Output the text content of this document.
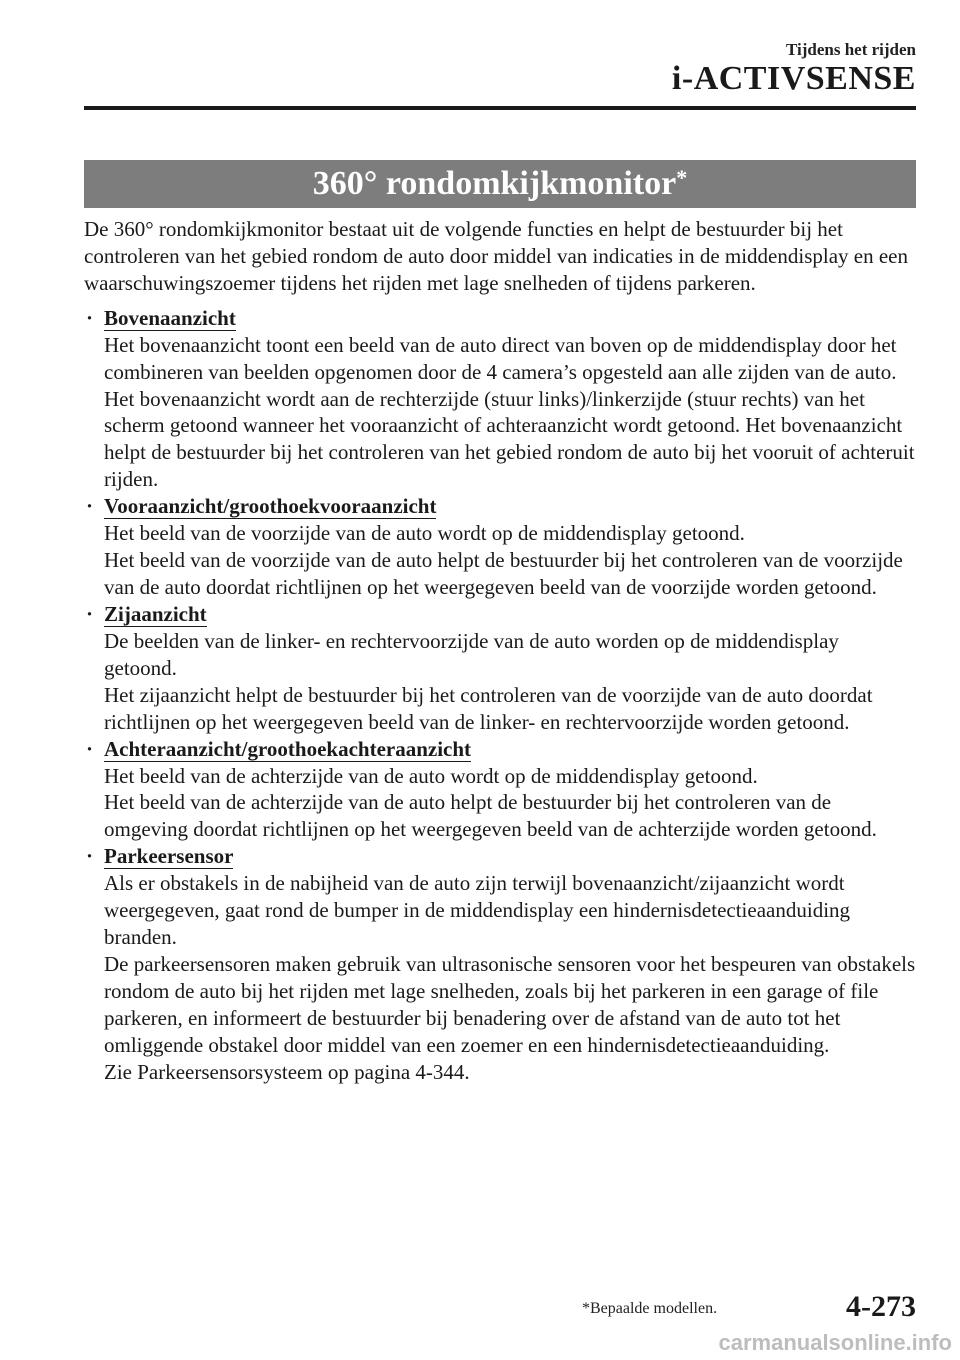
Tijdens het rijden
i-ACTIVSENSE
360° rondomkijkmonitor*

De 360° rondomkijkmonitor bestaat uit de volgende functies en helpt de bestuurder bij het controleren van het gebied rondom de auto door middel van indicaties in de middendisplay en een waarschuwingszoemer tijdens het rijden met lage snelheden of tijdens parkeren.

· Bovenaanzicht

Het bovenaanzicht toont een beeld van de auto direct van boven op de middendisplay door het combineren van beelden opgenomen door de 4 camera’s opgesteld aan alle zijden van de auto. Het bovenaanzicht wordt aan de rechterzijde (stuur links)/linkerzijde (stuur rechts) van het scherm getoond wanneer het vooraanzicht of achteraanzicht wordt getoond. Het bovenaanzicht helpt de bestuurder bij het controleren van het gebied rondom de auto bij het vooruit of achteruit rijden.

· Vooraanzicht/groothoekvooraanzicht

Het beeld van de voorzijde van de auto wordt op de middendisplay getoond.

Het beeld van de voorzijde van de auto helpt de bestuurder bij het controleren van de voorzijde van de auto doordat richtlijnen op het weergegeven beeld van de voorzijde worden getoond.

· Zijaanzicht

De beelden van de linker- en rechtervoorzijde van de auto worden op de middendisplay getoond.

Het zijaanzicht helpt de bestuurder bij het controleren van de voorzijde van de auto doordat richtlijnen op het weergegeven beeld van de linker- en rechtervoorzijde worden getoond.

· Achteraanzicht/groothoekachteraanzicht

Het beeld van de achterzijde van de auto wordt op de middendisplay getoond.

Het beeld van de achterzijde van de auto helpt de bestuurder bij het controleren van de omgeving doordat richtlijnen op het weergegeven beeld van de achterzijde worden getoond.

· Parkeersensor

Als er obstakels in de nabijheid van de auto zijn terwijl bovenaanzicht/zijaanzicht wordt weergegeven, gaat rond de bumper in de middendisplay een hindernisdetectieaanduiding branden.

De parkeersensoren maken gebruik van ultrasonische sensoren voor het bespeuren van obstakels rondom de auto bij het rijden met lage snelheden, zoals bij het parkeren in een garage of file parkeren, en informeert de bestuurder bij benadering over de afstand van de auto tot het omliggende obstakel door middel van een zoemer en een hindernisdetectieaanduiding.

Zie Parkeersensorsysteem op pagina 4-344.

*Bepaalde modellen.	4-273
carmanualsonline.info
